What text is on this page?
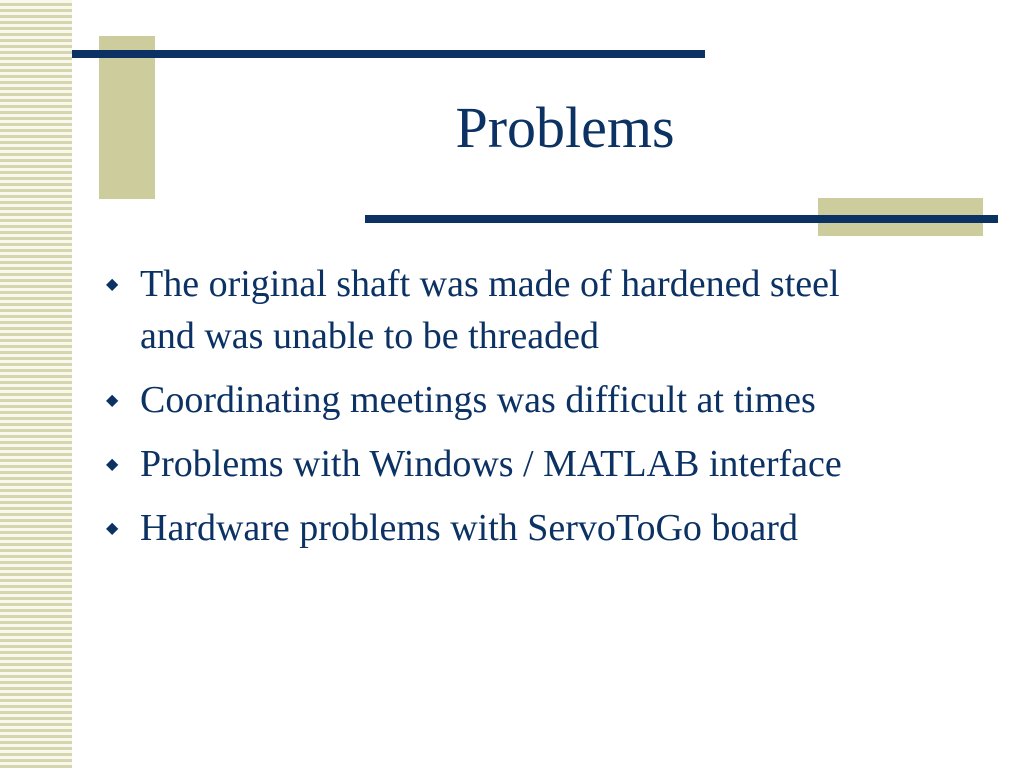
Problems
◆ The original shaft was made of hardened steel and was unable to be threaded
◆ Coordinating meetings was difficult at times
◆ Problems with Windows / MATLAB interface
◆ Hardware problems with ServoToGo board
